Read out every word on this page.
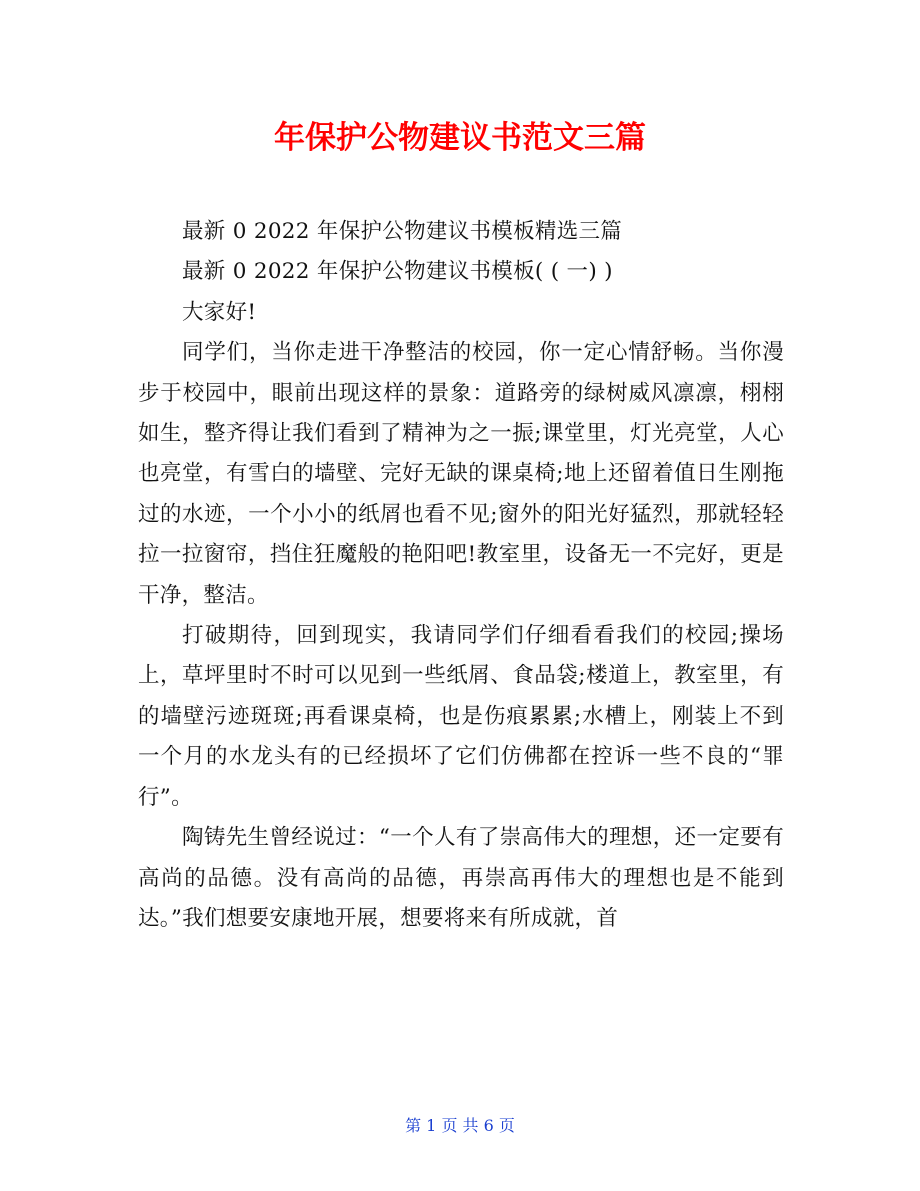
年保护公物建议书范文三篇

最新 0 2022 年保护公物建议书模板精选三篇

最新 0 2022 年保护公物建议书模板( ( 一) )

大家好!

同学们，当你走进干净整洁的校园，你一定心情舒畅。当你漫步于校园中，眼前出现这样的景象：道路旁的绿树威风凛凛，栩栩如生，整齐得让我们看到了精神为之一振;课堂里，灯光亮堂，人心也亮堂，有雪白的墙壁、完好无缺的课桌椅;地上还留着值日生刚拖过的水迹，一个小小的纸屑也看不见;窗外的阳光好猛烈，那就轻轻拉一拉窗帘，挡住狂魔般的艳阳吧!教室里，设备无一不完好，更是干净，整洁。

打破期待，回到现实，我请同学们仔细看看我们的校园;操场上，草坪里时不时可以见到一些纸屑、食品袋;楼道上，教室里，有的墙壁污迹斑斑;再看课桌椅，也是伤痕累累;水槽上，刚装上不到一个月的水龙头有的已经损坏了它们仿佛都在控诉一些不良的“罪行”。

陶铸先生曾经说过：“一个人有了崇高伟大的理想，还一定要有高尚的品德。没有高尚的品德，再崇高再伟大的理想也是不能到达。”我们想要安康地开展，想要将来有所成就，首

第 1 页 共 6 页
